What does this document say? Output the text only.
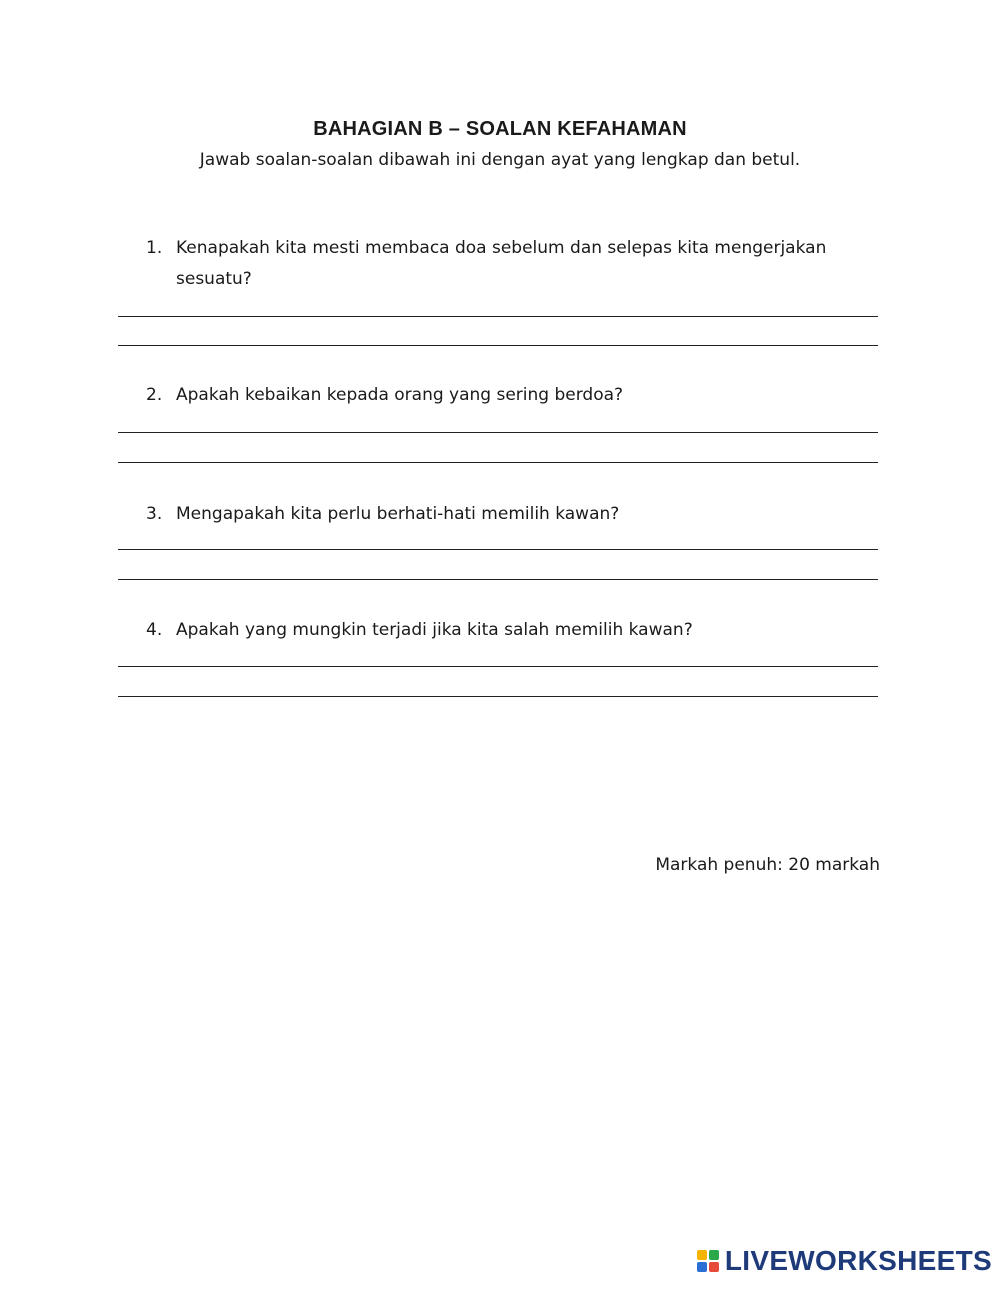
BAHAGIAN B – SOALAN KEFAHAMAN
Jawab soalan-soalan dibawah ini dengan ayat yang lengkap dan betul.
1. Kenapakah kita mesti membaca doa sebelum dan selepas kita mengerjakan sesuatu?
2. Apakah kebaikan kepada orang yang sering berdoa?
3. Mengapakah kita perlu berhati-hati memilih kawan?
4. Apakah yang mungkin terjadi jika kita salah memilih kawan?
Markah penuh: 20 markah
LIVEWORKSHEETS
